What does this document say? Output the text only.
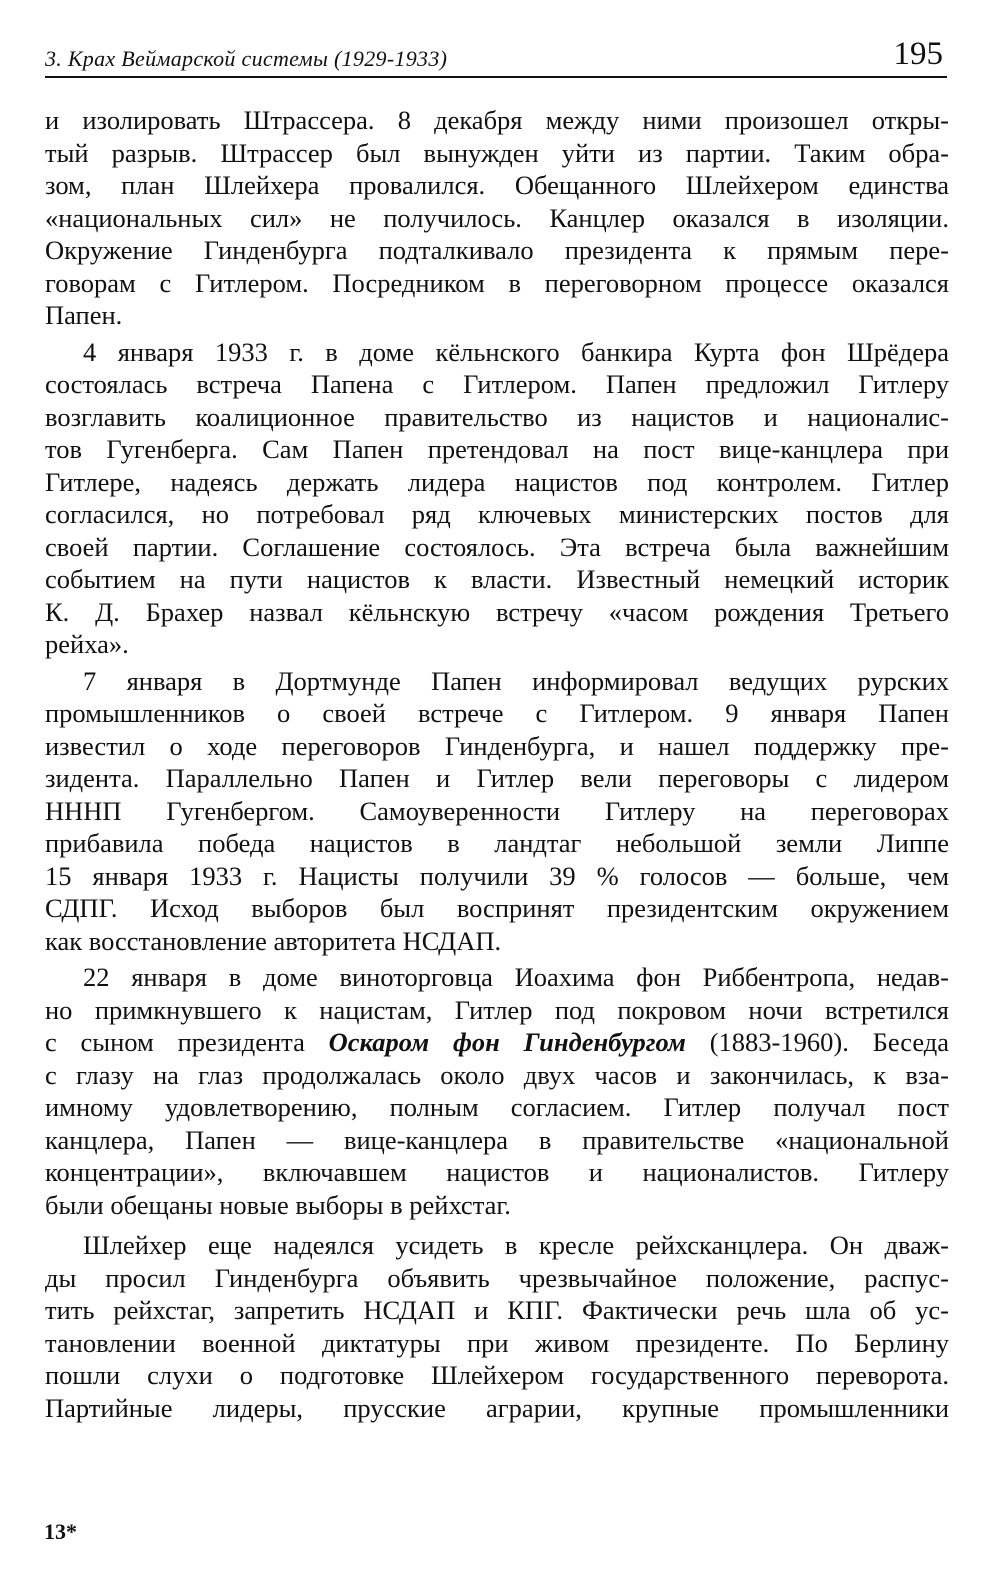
3. Крах Веймарской системы (1929-1933)	195
и изолировать Штрассера. 8 декабря между ними произошел откры-
тый разрыв. Штрассер был вынужден уйти из партии. Таким обра-
зом, план Шлейхера провалился. Обещанного Шлейхером единства
«национальных сил» не получилось. Канцлер оказался в изоляции.
Окружение Гинденбурга подталкивало президента к прямым пере-
говорам с Гитлером. Посредником в переговорном процессе оказался
Папен.
4 января 1933 г. в доме кёльнского банкира Курта фон Шрёдера
состоялась встреча Папена с Гитлером. Папен предложил Гитлеру
возглавить коалиционное правительство из нацистов и националис-
тов Гугенберга. Сам Папен претендовал на пост вице-канцлера при
Гитлере, надеясь держать лидера нацистов под контролем. Гитлер
согласился, но потребовал ряд ключевых министерских постов для
своей партии. Соглашение состоялось. Эта встреча была важнейшим
событием на пути нацистов к власти. Известный немецкий историк
К. Д. Брахер назвал кёльнскую встречу «часом рождения Третьего
рейха».
7 января в Дортмунде Папен информировал ведущих рурских
промышленников о своей встрече с Гитлером. 9 января Папен
известил о ходе переговоров Гинденбурга, и нашел поддержку пре-
зидента. Параллельно Папен и Гитлер вели переговоры с лидером
НННП Гугенбергом. Самоуверенности Гитлеру на переговорах
прибавила победа нацистов в ландтаг небольшой земли Липпе
15 января 1933 г. Нацисты получили 39 % голосов — больше, чем
СДПГ. Исход выборов был воспринят президентским окружением
как восстановление авторитета НСДАП.
22 января в доме виноторговца Иоахима фон Риббентропа, недав-
но примкнувшего к нацистам, Гитлер под покровом ночи встретился
с сыном президента Оскаром фон Гинденбургом (1883-1960). Беседа
с глазу на глаз продолжалась около двух часов и закончилась, к вза-
имному удовлетворению, полным согласием. Гитлер получал пост
канцлера, Папен — вице-канцлера в правительстве «национальной
концентрации», включавшем нацистов и националистов. Гитлеру
были обещаны новые выборы в рейхстаг.
Шлейхер еще надеялся усидеть в кресле рейхсканцлера. Он дваж-
ды просил Гинденбурга объявить чрезвычайное положение, распус-
тить рейхстаг, запретить НСДАП и КПГ. Фактически речь шла об ус-
тановлении военной диктатуры при живом президенте. По Берлину
пошли слухи о подготовке Шлейхером государственного переворота.
Партийные лидеры, прусские аграрии, крупные промышленники
13*
